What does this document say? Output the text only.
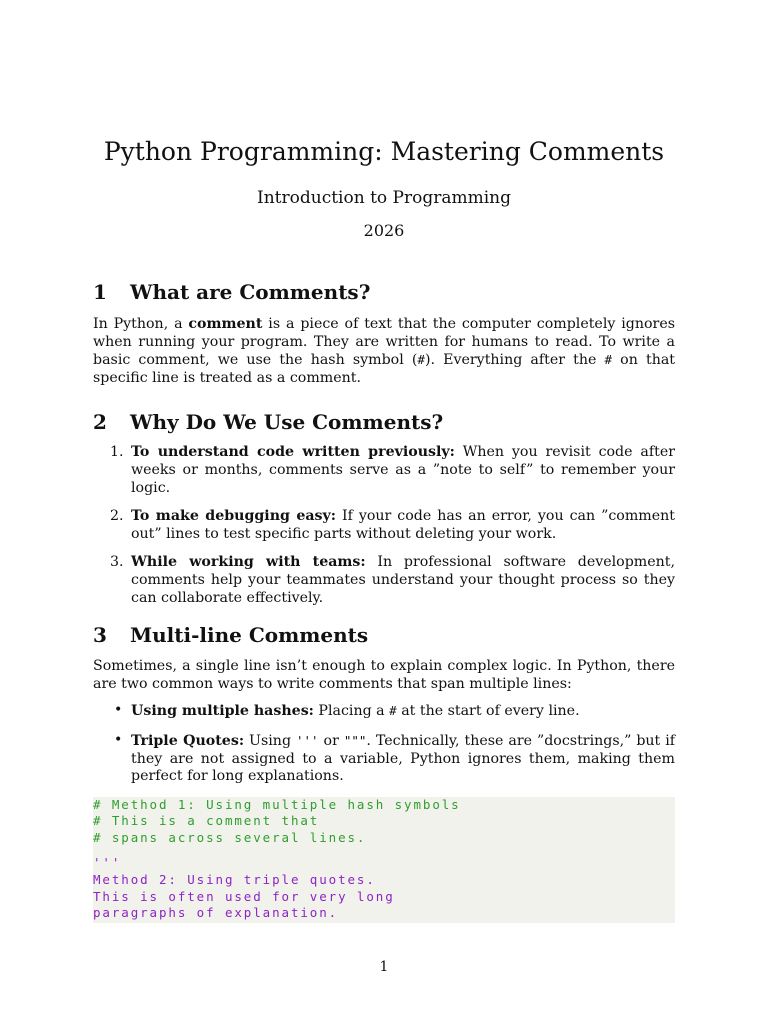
Python Programming: Mastering Comments
Introduction to Programming
2026
1	What are Comments?

In Python, a comment is a piece of text that the computer completely ignores when running your program. They are written for humans to read. To write a basic comment, we use the hash symbol (#). Everything after the # on that specific line is treated as a comment.

2	Why Do We Use Comments?
1. To understand code written previously: When you revisit code after weeks or months, comments serve as a ”note to self” to remember your logic.
2. To make debugging easy: If your code has an error, you can ”comment out” lines to test specific parts without deleting your work.
3. While working with teams: In professional software development, comments help your teammates understand your thought process so they can collaborate effectively.
3	Multi-line Comments

Sometimes, a single line isn’t enough to explain complex logic. In Python, there are two common ways to write comments that span multiple lines:

• Using multiple hashes: Placing a # at the start of every line.
• Triple Quotes: Using ''' or """. Technically, these are ”docstrings,” but if they are not assigned to a variable, Python ignores them, making them perfect for long explanations.
# Method 1: Using multiple hash symbols
# This is a comment that
# spans across several lines.
'''
Method 2: Using triple quotes.
This is often used for very long
paragraphs of explanation.
1
